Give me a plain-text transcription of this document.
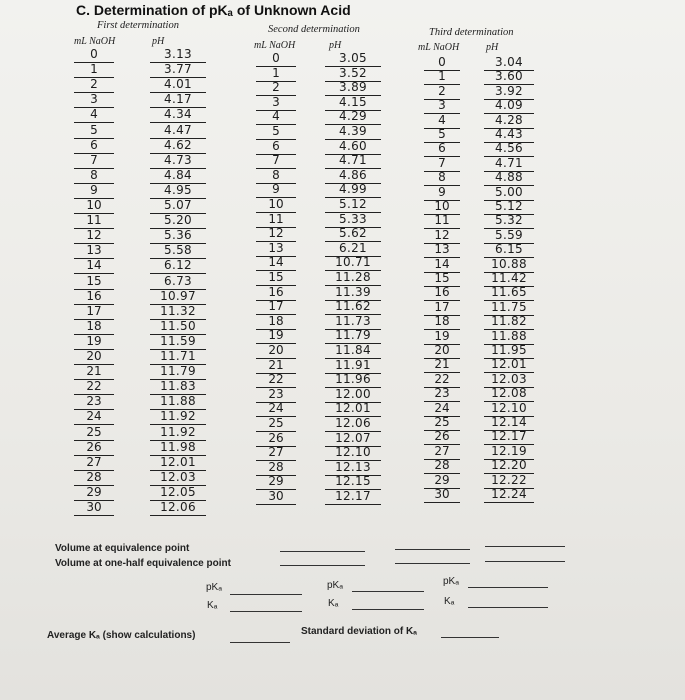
C. Determination of pKₐ of Unknown Acid
First determination	Second determination	Third determination
mL NaOH	pH	mL NaOH	pH	mL NaOH	pH
0	3.13
1	3.77
2	4.01
3	4.17
4	4.34
5	4.47
6	4.62
7	4.73
8	4.84
9	4.95
10	5.07
11	5.20
12	5.36
13	5.58
14	6.12
15	6.73
16	10.97
17	11.32
18	11.50
19	11.59
20	11.71
21	11.79
22	11.83
23	11.88
24	11.92
25	11.92
26	11.98
27	12.01
28	12.03
29	12.05
30	12.06
0	3.05
1	3.52
2	3.89
3	4.15
4	4.29
5	4.39
6	4.60
7	4.71
8	4.86
9	4.99
10	5.12
11	5.33
12	5.62
13	6.21
14	10.71
15	11.28
16	11.39
17	11.62
18	11.73
19	11.79
20	11.84
21	11.91
22	11.96
23	12.00
24	12.01
25	12.06
26	12.07
27	12.10
28	12.13
29	12.15
30	12.17
0	3.04
1	3.60
2	3.92
3	4.09
4	4.28
5	4.43
6	4.56
7	4.71
8	4.88
9	5.00
10	5.12
11	5.32
12	5.59
13	6.15
14	10.88
15	11.42
16	11.65
17	11.75
18	11.82
19	11.88
20	11.95
21	12.01
22	12.03
23	12.08
24	12.10
25	12.14
26	12.17
27	12.19
28	12.20
29	12.22
30	12.24
Volume at equivalence point
Volume at one-half equivalence point
pKₐ
Kₐ
pKₐ
Kₐ
pKₐ
Kₐ
Average Kₐ (show calculations)	Standard deviation of Kₐ
